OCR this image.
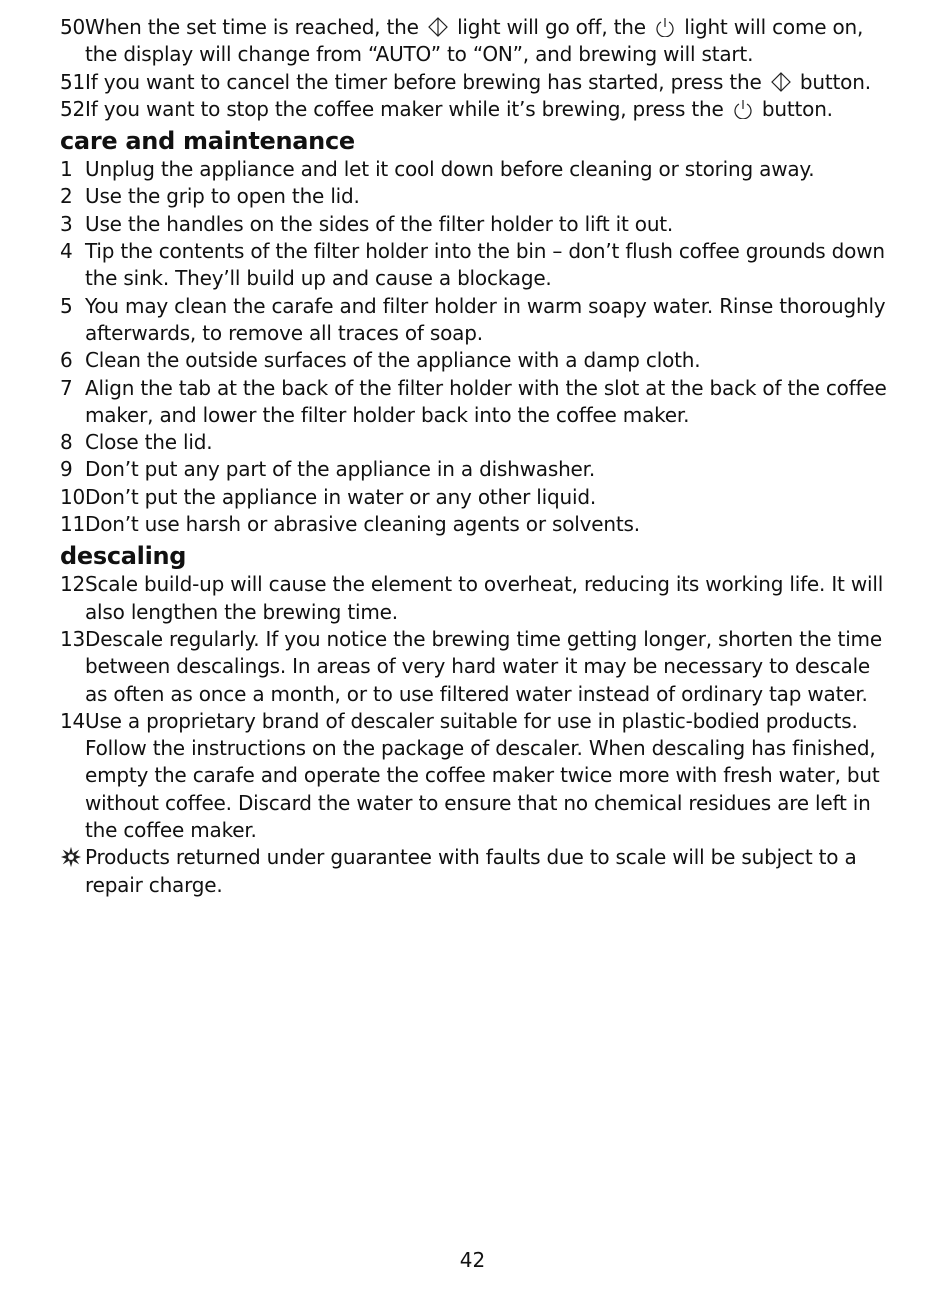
50 When the set time is reached, the light will go off, the light will come on, the display will change from “AUTO” to “ON”, and brewing will start.
51 If you want to cancel the timer before brewing has started, press the button.
52 If you want to stop the coffee maker while it’s brewing, press the button.
care and maintenance
1 Unplug the appliance and let it cool down before cleaning or storing away.
2 Use the grip to open the lid.
3 Use the handles on the sides of the filter holder to lift it out.
4 Tip the contents of the filter holder into the bin – don’t flush coffee grounds down the sink. They’ll build up and cause a blockage.
5 You may clean the carafe and filter holder in warm soapy water. Rinse thoroughly afterwards, to remove all traces of soap.
6 Clean the outside surfaces of the appliance with a damp cloth.
7 Align the tab at the back of the filter holder with the slot at the back of the coffee maker, and lower the filter holder back into the coffee maker.
8 Close the lid.
9 Don’t put any part of the appliance in a dishwasher.
10 Don’t put the appliance in water or any other liquid.
11 Don’t use harsh or abrasive cleaning agents or solvents.
descaling
12 Scale build-up will cause the element to overheat, reducing its working life. It will also lengthen the brewing time.
13 Descale regularly. If you notice the brewing time getting longer, shorten the time between descalings. In areas of very hard water it may be necessary to descale as often as once a month, or to use filtered water instead of ordinary tap water.
14 Use a proprietary brand of descaler suitable for use in plastic-bodied products. Follow the instructions on the package of descaler. When descaling has finished, empty the carafe and operate the coffee maker twice more with fresh water, but without coffee. Discard the water to ensure that no chemical residues are left in the coffee maker.
Products returned under guarantee with faults due to scale will be subject to a repair charge.
42
